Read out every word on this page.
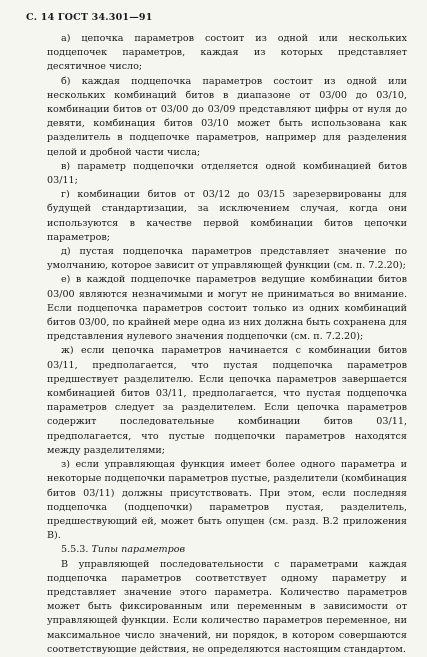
С. 14 ГОСТ 34.301—91

а) цепочка параметров состоит из одной или нескольких подцепочек параметров, каждая из которых представляет десятичное число;

б) каждая подцепочка параметров состоит из одной или нескольких комбинаций битов в диапазоне от 03/00 до 03/10, комбинации битов от 03/00 до 03/09 представляют цифры от нуля до девяти, комбинация битов 03/10 может быть использована как разделитель в подцепочке параметров, например для разделения целой и дробной части числа;

в) параметр подцепочки отделяется одной комбинацией битов 03/11;

г) комбинации битов от 03/12 до 03/15 зарезервированы для будущей стандартизации, за исключением случая, когда они используются в качестве первой комбинации битов цепочки параметров;

д) пустая подцепочка параметров представляет значение по умолчанию, которое зависит от управляющей функции (см. п. 7.2.20);

е) в каждой подцепочке параметров ведущие комбинации битов 03/00 являются незначимыми и могут не приниматься во внимание. Если подцепочка параметров состоит только из одних комбинаций битов 03/00, по крайней мере одна из них должна быть сохранена для представления нулевого значения подцепочки (см. п. 7.2.20);

ж) если цепочка параметров начинается с комбинации битов 03/11, предполагается, что пустая подцепочка параметров предшествует разделителю. Если цепочка параметров завершается комбинацией битов 03/11, предполагается, что пустая подцепочка параметров следует за разделителем. Если цепочка параметров содержит последовательные комбинации битов 03/11, предполагается, что пустые подцепочки параметров находятся между разделителями;

з) если управляющая функция имеет более одного параметра и некоторые подцепочки параметров пустые, разделители (комбинация битов 03/11) должны присутствовать. При этом, если последняя подцепочка (подцепочки) параметров пустая, разделитель, предшествующий ей, может быть опущен (см. разд. В.2 приложения В).

5.5.3. Типы параметров

В управляющей последовательности с параметрами каждая подцепочка параметров соответствует одному параметру и представляет значение этого параметра. Количество параметров может быть фиксированным или переменным в зависимости от управляющей функции. Если количество параметров переменное, ни максимальное число значений, ни порядок, в котором совершаются соответствующие действия, не определяются настоящим стандартом.
